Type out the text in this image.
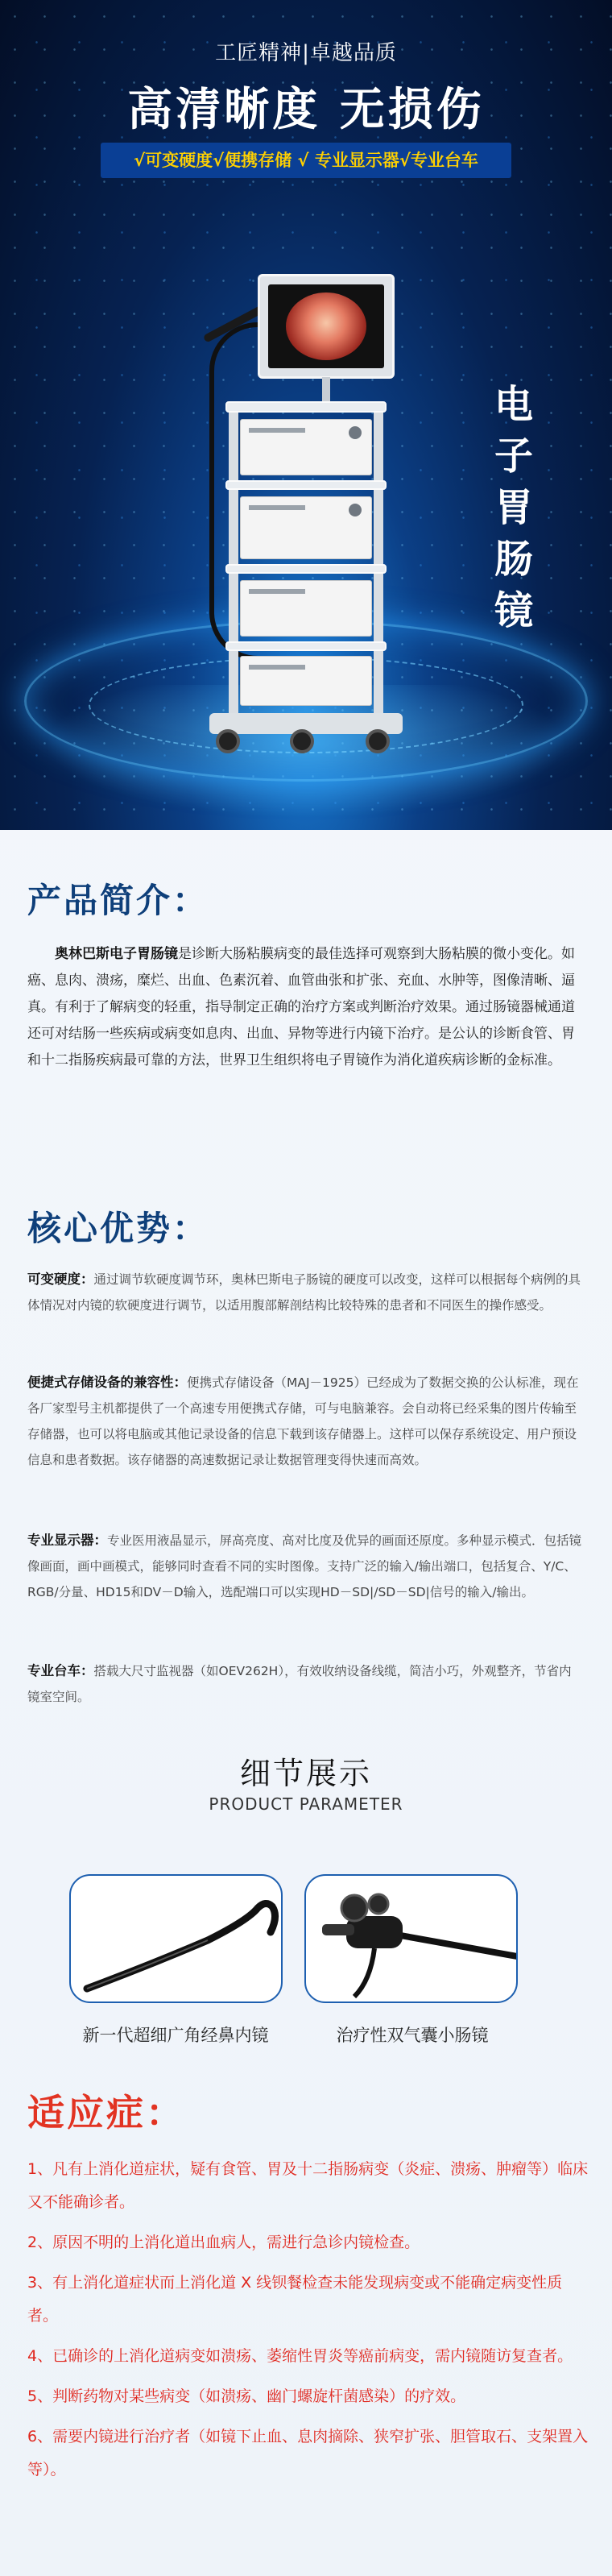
工匠精神|卓越品质
高清晰度 无损伤
√可变硬度√便携存储 √ 专业显示器√专业台车
电
子
胃
肠
镜
产品简介：

奥林巴斯电子胃肠镜是诊断大肠粘膜病变的最佳选择可观察到大肠粘膜的微小变化。如癌、息肉、溃疡，糜烂、出血、色素沉着、血管曲张和扩张、充血、水肿等，图像清晰、逼真。有利于了解病变的轻重，指导制定正确的治疗方案或判断治疗效果。通过肠镜器械通道还可对结肠一些疾病或病变如息肉、出血、异物等进行内镜下治疗。是公认的诊断食管、胃和十二指肠疾病最可靠的方法，世界卫生组织将电子胃镜作为消化道疾病诊断的金标准。

核心优势：

可变硬度：通过调节软硬度调节环，奥林巴斯电子肠镜的硬度可以改变，这样可以根据每个病例的具体情况对内镜的软硬度进行调节，以适用腹部解剖结构比较特殊的患者和不同医生的操作感受。

便捷式存储设备的兼容性：便携式存储设备（MAJ－1925）已经成为了数据交换的公认标准，现在各厂家型号主机都提供了一个高速专用便携式存储，可与电脑兼容。会自动将已经采集的图片传输至存储器，也可以将电脑或其他记录设备的信息下载到该存储器上。这样可以保存系统设定、用户预设信息和患者数据。该存储器的高速数据记录让数据管理变得快速而高效。

专业显示器：专业医用液晶显示，屏高亮度、高对比度及优异的画面还原度。多种显示模式．包括镜像画面，画中画模式，能够同时查看不同的实时图像。支持广泛的输入/输出端口，包括复合、Y/C、RGB/分量、HD15和DV－D输入，选配端口可以实现HD－SD|/SD－SD|信号的输入/输出。

专业台车：搭载大尺寸监视器（如OEV262H），有效收纳设备线缆，简洁小巧，外观整齐，节省内镜室空间。

细节展示
PRODUCT PARAMETER
新一代超细广角经鼻内镜	治疗性双气囊小肠镜
适应症：
1、凡有上消化道症状，疑有食管、胃及十二指肠病变（炎症、溃疡、肿瘤等）临床又不能确诊者。
2、原因不明的上消化道出血病人，需进行急诊内镜检查。
3、有上消化道症状而上消化道 X 线钡餐检查未能发现病变或不能确定病变性质者。
4、已确诊的上消化道病变如溃疡、萎缩性胃炎等癌前病变，需内镜随访复查者。
5、判断药物对某些病变（如溃疡、幽门螺旋杆菌感染）的疗效。
6、需要内镜进行治疗者（如镜下止血、息肉摘除、狭窄扩张、胆管取石、支架置入等）。
